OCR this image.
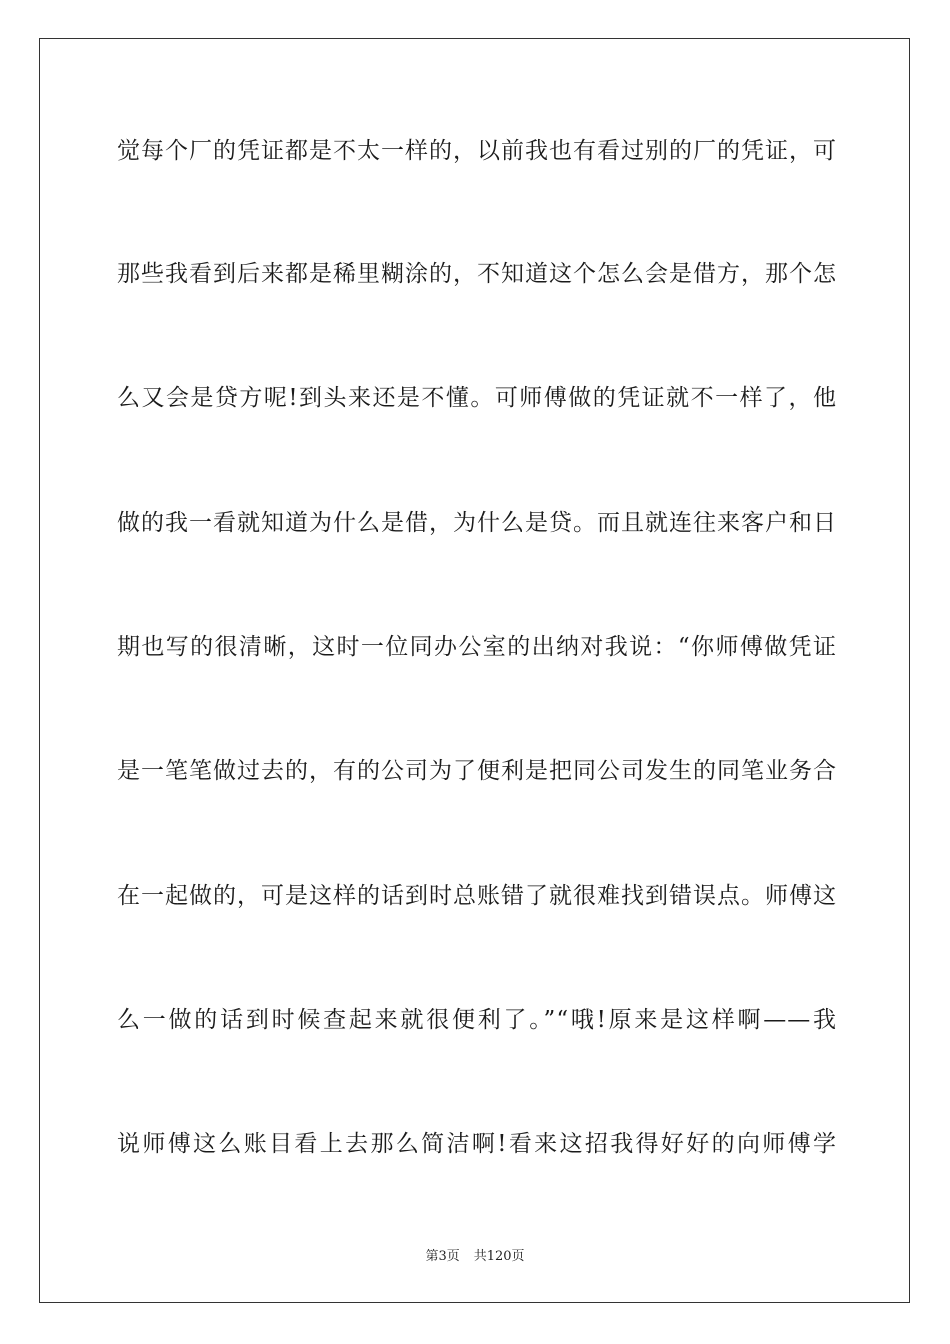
觉每个厂的凭证都是不太一样的，以前我也有看过别的厂的凭证，可
那些我看到后来都是稀里糊涂的，不知道这个怎么会是借方，那个怎
么又会是贷方呢!到头来还是不懂。可师傅做的凭证就不一样了，他
做的我一看就知道为什么是借，为什么是贷。而且就连往来客户和日
期也写的很清晰，这时一位同办公室的出纳对我说：“你师傅做凭证
是一笔笔做过去的，有的公司为了便利是把同公司发生的同笔业务合
在一起做的，可是这样的话到时总账错了就很难找到错误点。师傅这
么一做的话到时候查起来就很便利了。”“哦!原来是这样啊——我
说师傅这么账目看上去那么简洁啊!看来这招我得好好的向师傅学
第3页 共120页
